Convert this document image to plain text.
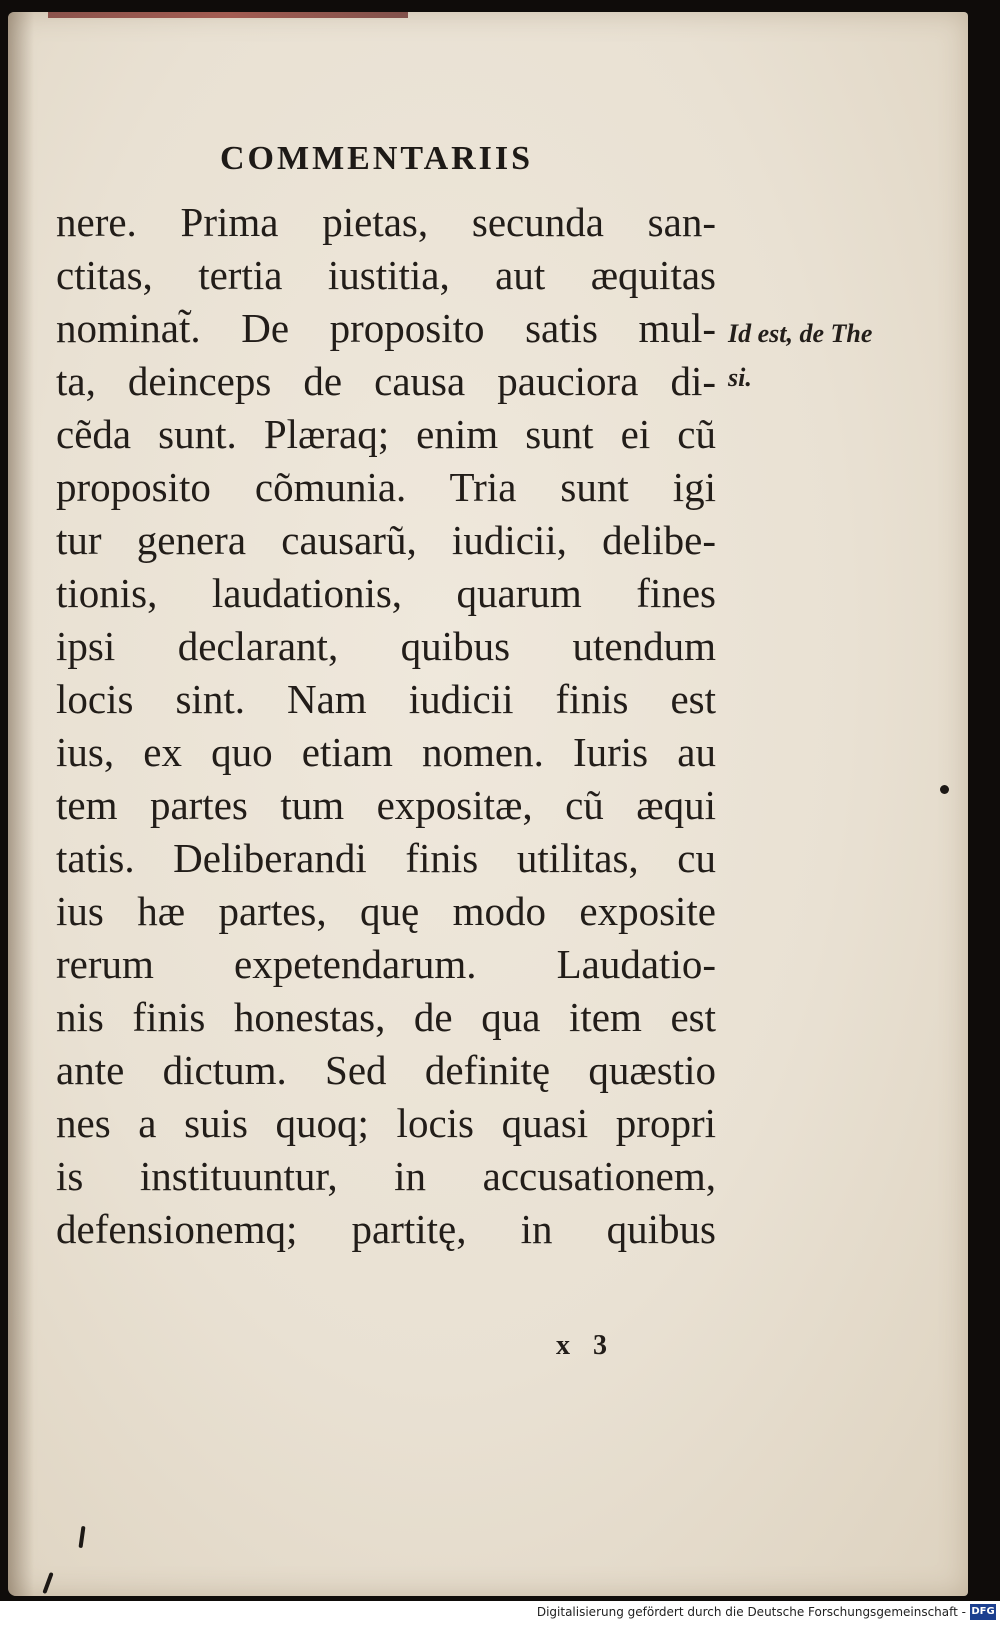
COMMENTARIIS
nere. Prima pietas, secunda san-
ctitas, tertia iustitia, aut æquitas
nominat̃. De proposito satis mul-
ta, deinceps de causa pauciora di-
cẽda sunt. Plæraq; enim sunt ei cũ
proposito cõmunia. Tria sunt igi
tur genera causarũ, iudicii, delibe-
tionis, laudationis, quarum fines
ipsi declarant, quibus utendum
locis sint. Nam iudicii finis est
ius, ex quo etiam nomen. Iuris au
tem partes tum expositæ, cũ æqui
tatis. Deliberandi finis utilitas, cu
ius hæ partes, quę modo exposite
rerum expetendarum. Laudatio-
nis finis honestas, de qua item est
ante dictum. Sed definitę quæstio
nes a suis quoq; locis quasi propri
is instituuntur, in accusationem,
defensionemq; partitę, in quibus
Id est, de The
si.
x 3
Digitalisierung gefördert durch die Deutsche Forschungsgemeinschaft - DFG
